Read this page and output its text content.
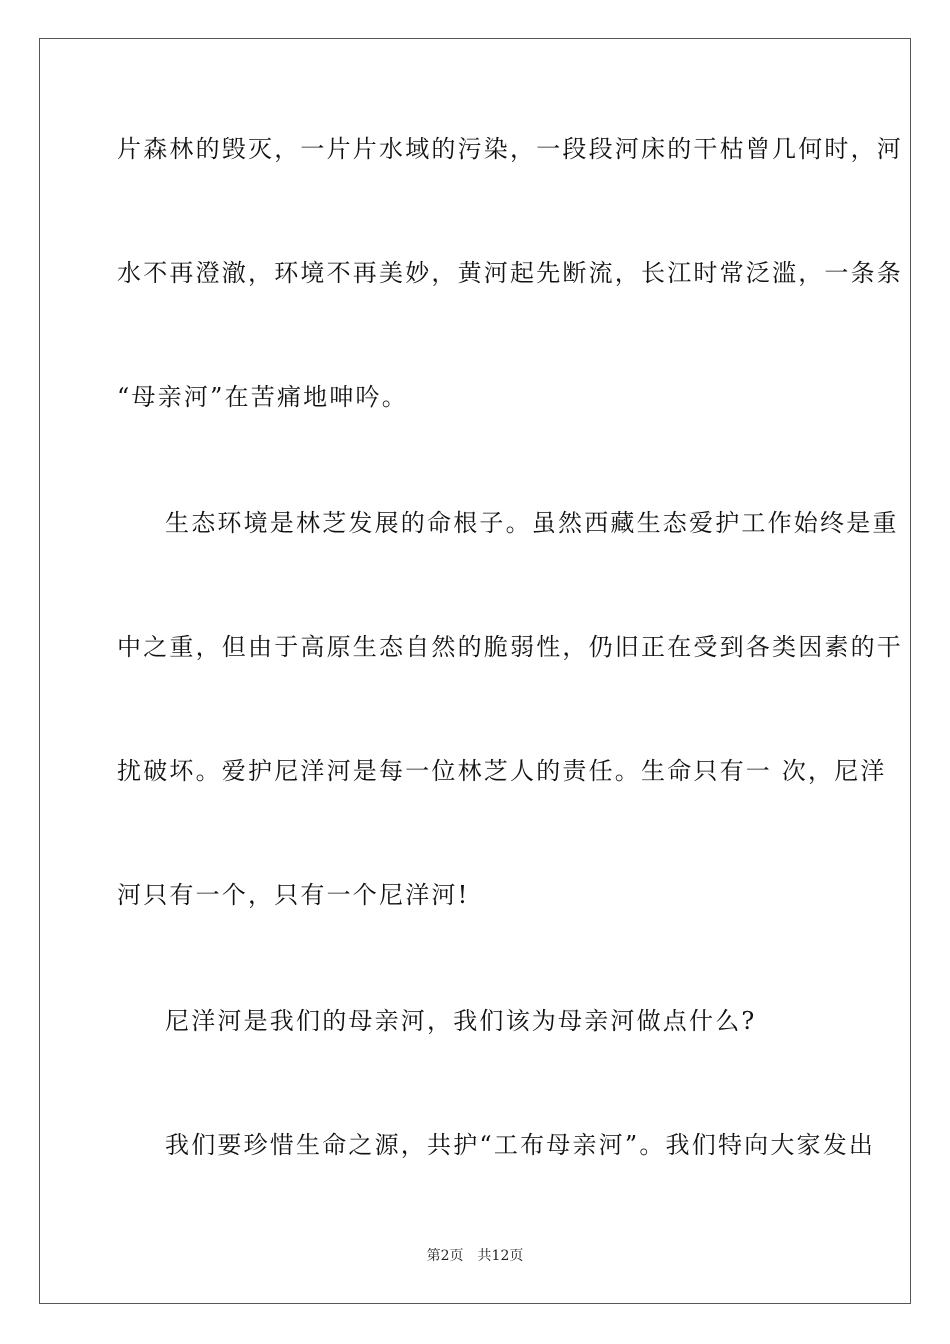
片森林的毁灭，一片片水域的污染，一段段河床的干枯曾几何时，河
水不再澄澈，环境不再美妙，黄河起先断流，长江时常泛滥，一条条
“母亲河”在苦痛地呻吟。
生态环境是林芝发展的命根子。虽然西藏生态爱护工作始终是重
中之重，但由于高原生态自然的脆弱性，仍旧正在受到各类因素的干
扰破坏。爱护尼洋河是每一位林芝人的责任。生命只有一 次，尼洋
河只有一个，只有一个尼洋河!
尼洋河是我们的母亲河，我们该为母亲河做点什么?
我们要珍惜生命之源，共护“工布母亲河”。我们特向大家发出
第2页 共12页
